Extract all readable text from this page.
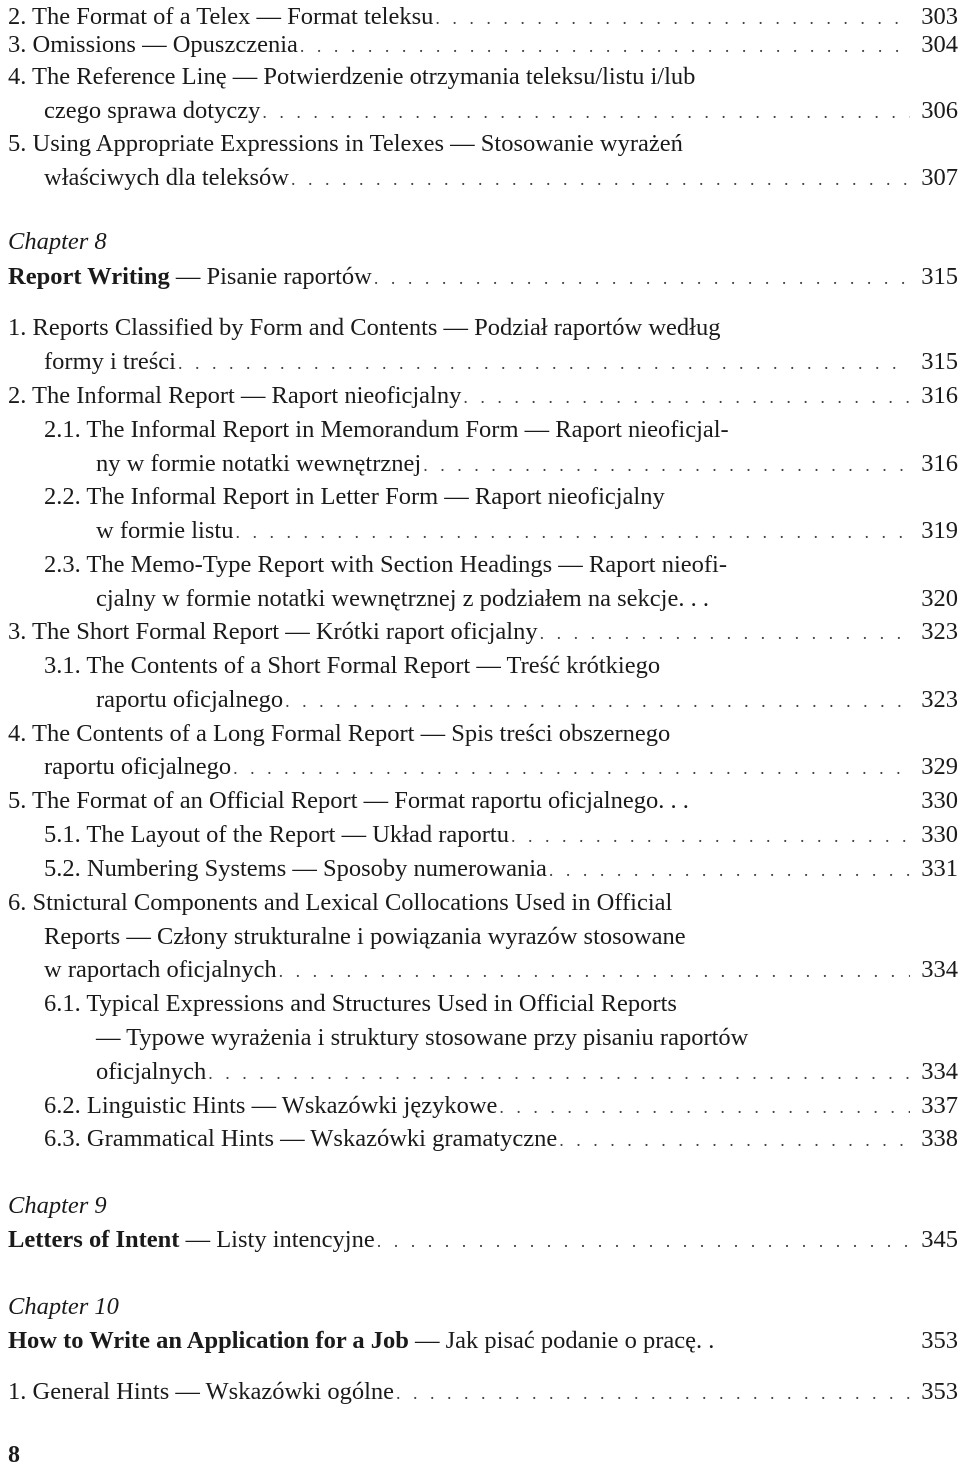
2. The Format of a Telex — Format teleksu . . .	303
3. Omissions — Opuszczenia . . .	304
4. The Reference Linę — Potwierdzenie otrzymania teleksu/listu i/lub
czego sprawa dotyczy . . .	306
5. Using Appropriate Expressions in Telexes — Stosowanie wyrażeń
właściwych dla teleksów . . .	307
Chapter 8
Report Writing — Pisanie raportów . . .	315
1. Reports Classified by Form and Contents — Podział raportów według
formy i treści . . .	315
2. The Informal Report — Raport nieoficjalny . . .	316
2.1. The Informal Report in Memorandum Form — Raport nieoficjal-
ny w formie notatki wewnętrznej . . .	316
2.2. The Informal Report in Letter Form — Raport nieoficjalny
w formie listu . . .	319
2.3. The Memo-Type Report with Section Headings — Raport nieofi-
cjalny w formie notatki wewnętrznej z podziałem na sekcje. . .	320
3. The Short Formal Report — Krótki raport oficjalny . . .	323
3.1. The Contents of a Short Formal Report — Treść krótkiego
raportu oficjalnego . . .	323
4. The Contents of a Long Formal Report — Spis treści obszernego
raportu oficjalnego . . .	329
5. The Format of an Official Report — Format raportu oficjalnego. . .	330
5.1. The Layout of the Report — Układ raportu . . .	330
5.2. Numbering Systems — Sposoby numerowania . . .	331
6. Stnictural Components and Lexical Collocations Used in Official
Reports — Człony strukturalne i powiązania wyrazów stosowane
w raportach oficjalnych . . .	334
6.1. Typical Expressions and Structures Used in Official Reports
— Typowe wyrażenia i struktury stosowane przy pisaniu raportów
oficjalnych . . .	334
6.2. Linguistic Hints — Wskazówki językowe . . .	337
6.3. Grammatical Hints — Wskazówki gramatyczne . . .	338
Chapter 9
Letters of Intent — Listy intencyjne . . .	345
Chapter 10
How to Write an Application for a Job — Jak pisać podanie o pracę. .	353
1. General Hints — Wskazówki ogólne . . .	353
8
